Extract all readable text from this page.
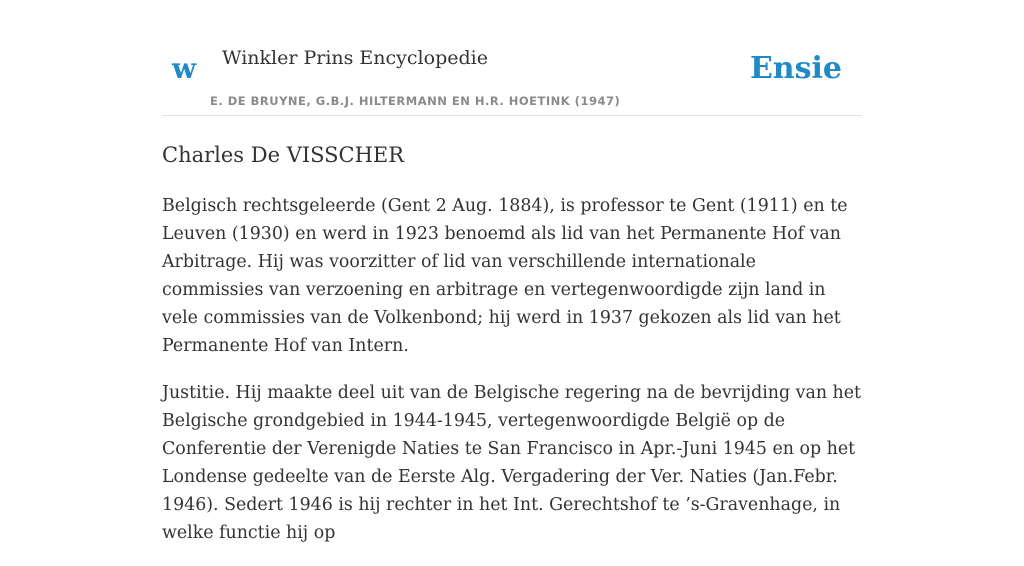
w Winkler Prins Encyclopedie
E. DE BRUYNE, G.B.J. HILTERMANN EN H.R. HOETINK (1947)
Ensie
Charles De VISSCHER

Belgisch rechtsgeleerde (Gent 2 Aug. 1884), is professor te Gent (1911) en te Leuven (1930) en werd in 1923 benoemd als lid van het Permanente Hof van Arbitrage. Hij was voorzitter of lid van verschillende internationale commissies van verzoening en arbitrage en vertegenwoordigde zijn land in vele commissies van de Volkenbond; hij werd in 1937 gekozen als lid van het Permanente Hof van Intern.

Justitie. Hij maakte deel uit van de Belgische regering na de bevrijding van het Belgische grondgebied in 1944-1945, vertegenwoordigde België op de Conferentie der Verenigde Naties te San Francisco in Apr.-Juni 1945 en op het Londense gedeelte van de Eerste Alg. Vergadering der Ver. Naties (Jan.Febr. 1946). Sedert 1946 is hij rechter in het Int. Gerechtshof te ’s-Gravenhage, in welke functie hij op
